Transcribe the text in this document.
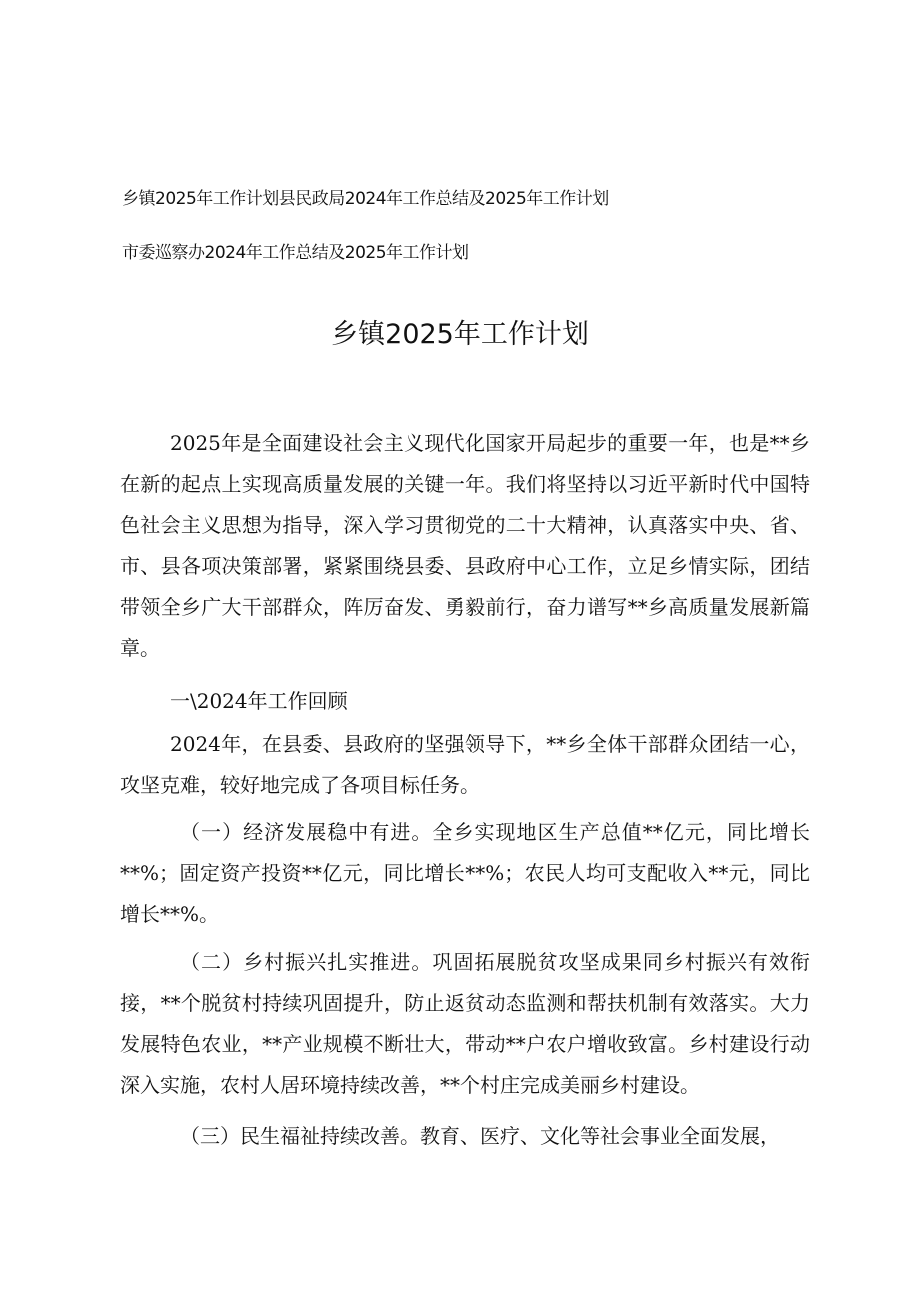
乡镇2025年工作计划县民政局2024年工作总结及2025年工作计划
市委巡察办2024年工作总结及2025年工作计划
乡镇2025年工作计划

2025年是全面建设社会主义现代化国家开局起步的重要一年，也是**乡在新的起点上实现高质量发展的关键一年。我们将坚持以习近平新时代中国特色社会主义思想为指导，深入学习贯彻党的二十大精神，认真落实中央、省、市、县各项决策部署，紧紧围绕县委、县政府中心工作，立足乡情实际，团结带领全乡广大干部群众，阵厉奋发、勇毅前行，奋力谱写**乡高质量发展新篇章。

一\2024年工作回顾

2024年，在县委、县政府的坚强领导下，**乡全体干部群众团结一心，攻坚克难，较好地完成了各项目标任务。

（一）经济发展稳中有进。全乡实现地区生产总值**亿元，同比增长**%；固定资产投资**亿元，同比增长**%；农民人均可支配收入**元，同比增长**%。

（二）乡村振兴扎实推进。巩固拓展脱贫攻坚成果同乡村振兴有效衔接，**个脱贫村持续巩固提升，防止返贫动态监测和帮扶机制有效落实。大力发展特色农业，**产业规模不断壮大，带动**户农户增收致富。乡村建设行动深入实施，农村人居环境持续改善，**个村庄完成美丽乡村建设。

（三）民生福祉持续改善。教育、医疗、文化等社会事业全面发展，
